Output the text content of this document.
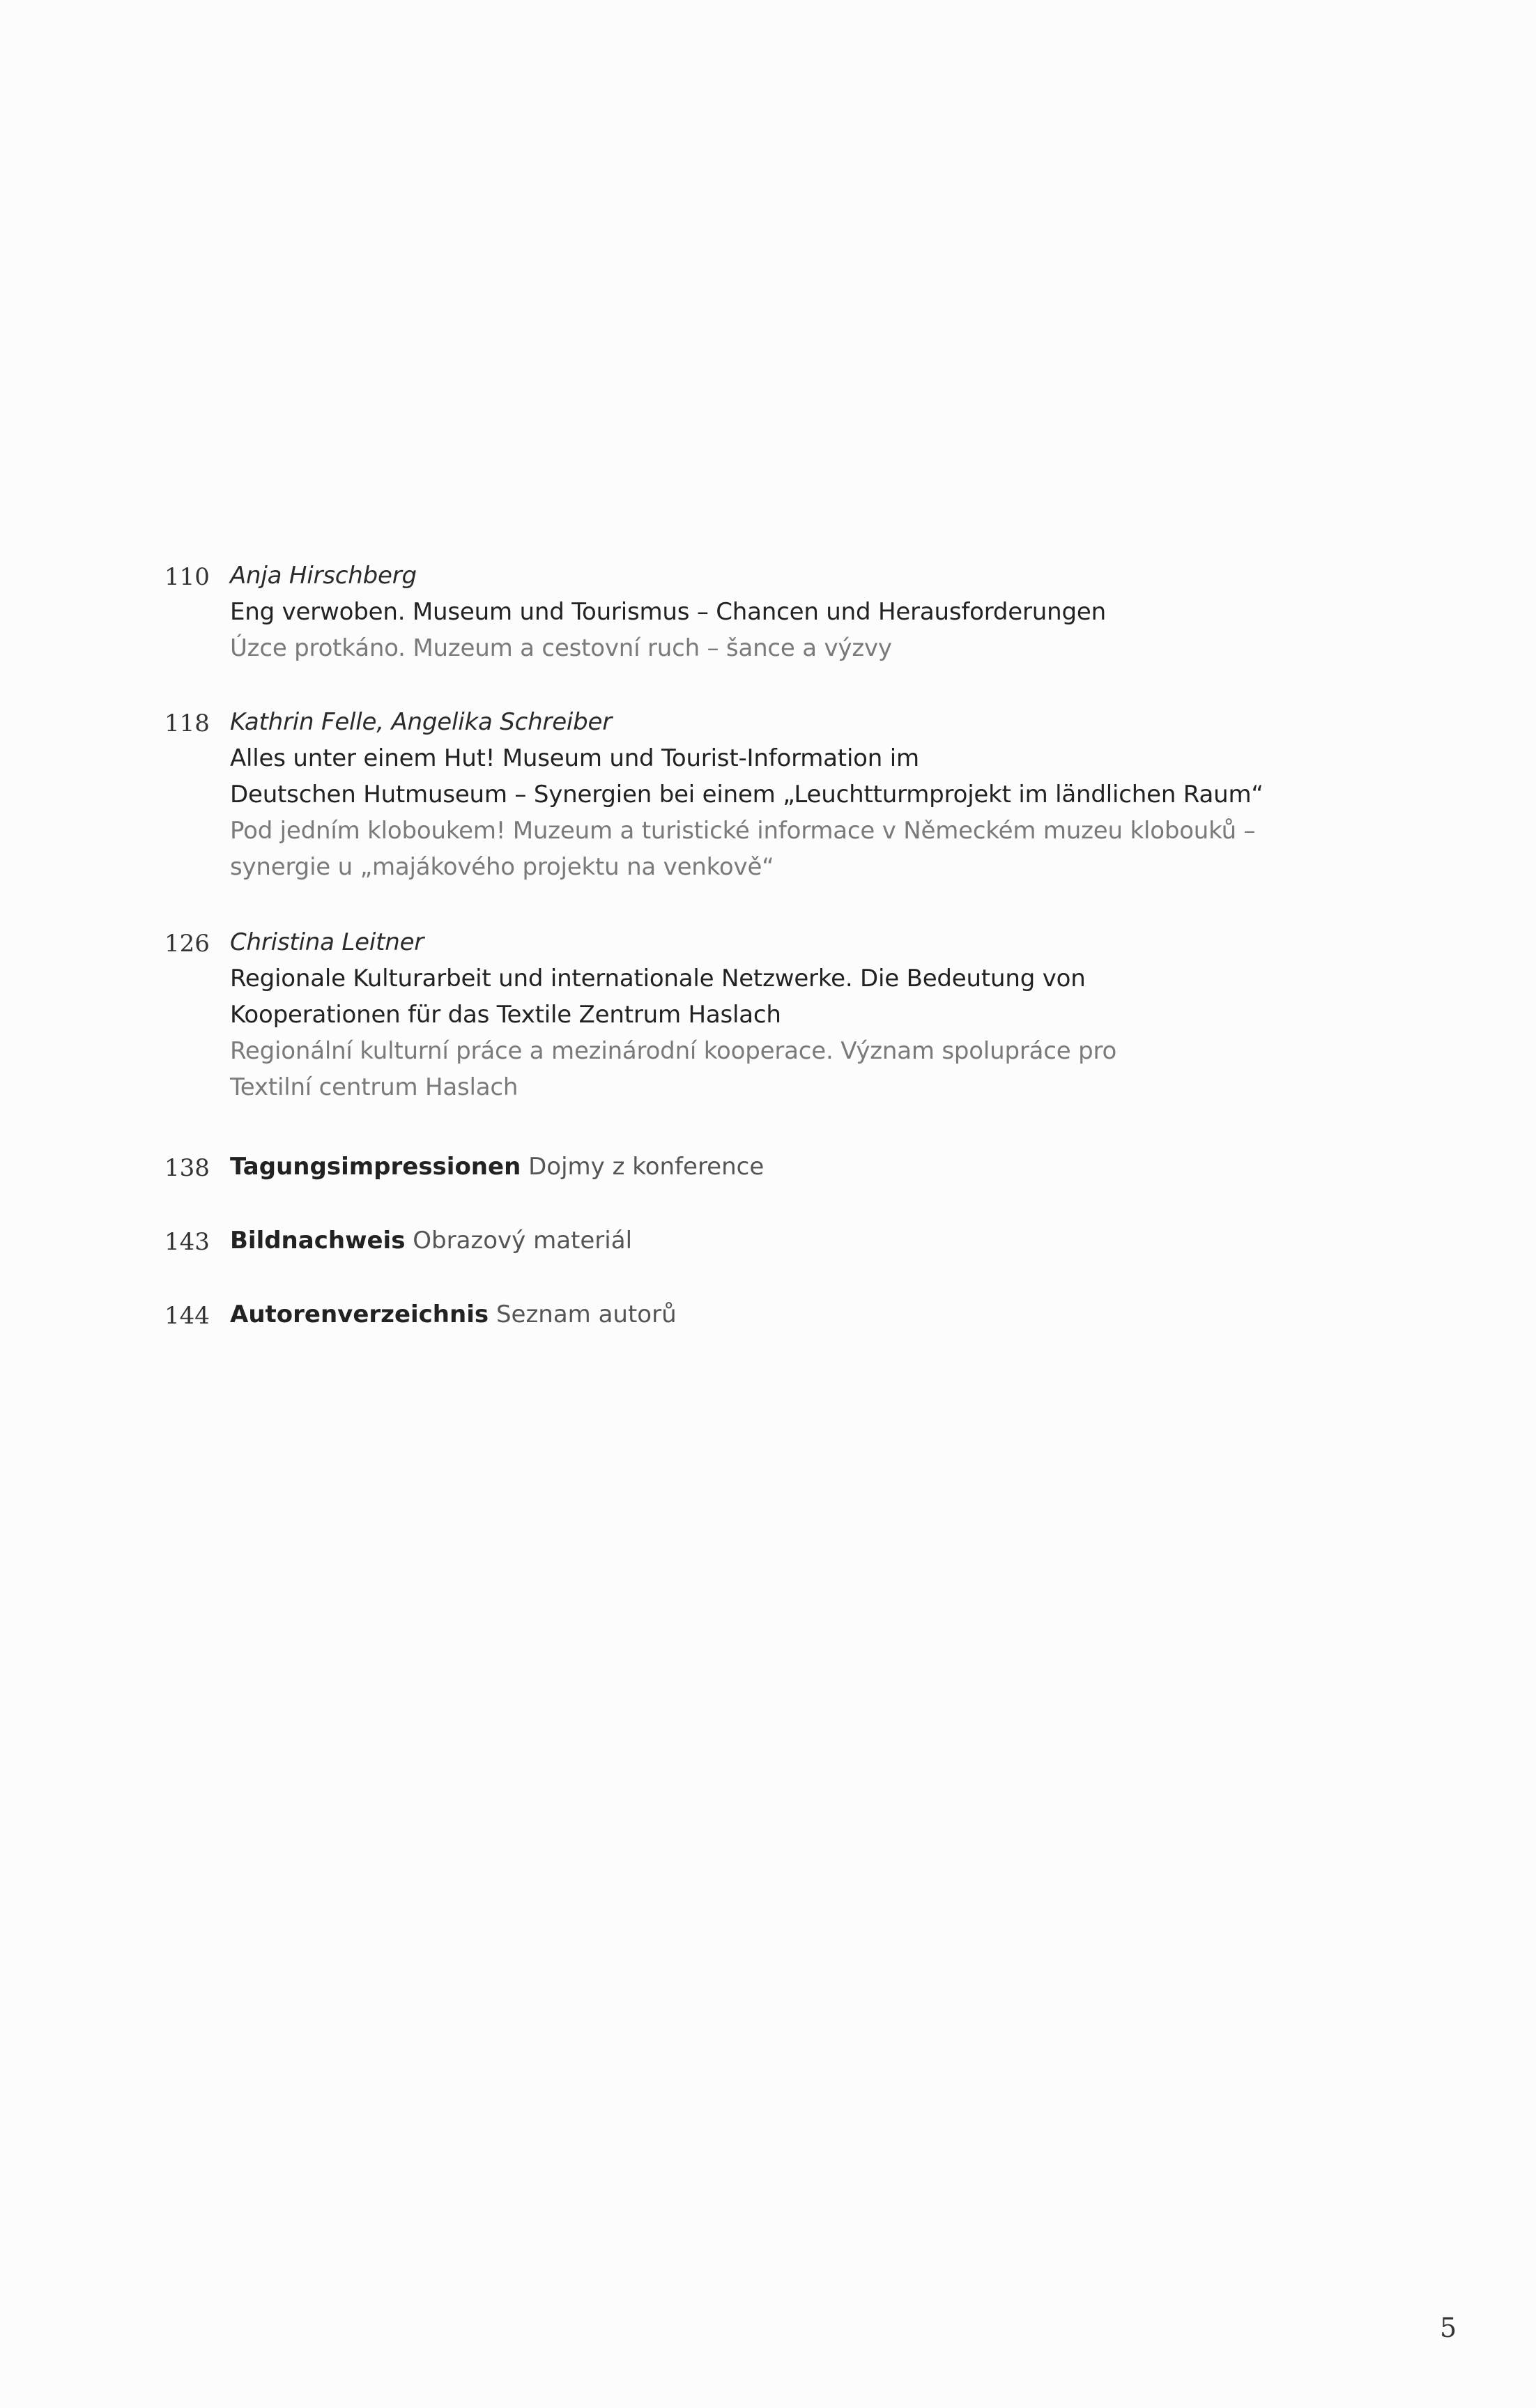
110 Anja Hirschberg
Eng verwoben. Museum und Tourismus – Chancen und Herausforderungen
Úzce protkáno. Muzeum a cestovní ruch – šance a výzvy
118 Kathrin Felle, Angelika Schreiber
Alles unter einem Hut! Museum und Tourist-Information im
Deutschen Hutmuseum – Synergien bei einem „Leuchtturmprojekt im ländlichen Raum“
Pod jedním kloboukem! Muzeum a turistické informace v Německém muzeu klobouků –
synergie u „majákového projektu na venkově“
126 Christina Leitner
Regionale Kulturarbeit und internationale Netzwerke. Die Bedeutung von
Kooperationen für das Textile Zentrum Haslach
Regionální kulturní práce a mezinárodní kooperace. Význam spolupráce pro
Textilní centrum Haslach
138 Tagungsimpressionen Dojmy z konference
143 Bildnachweis Obrazový materiál
144 Autorenverzeichnis Seznam autorů
5
